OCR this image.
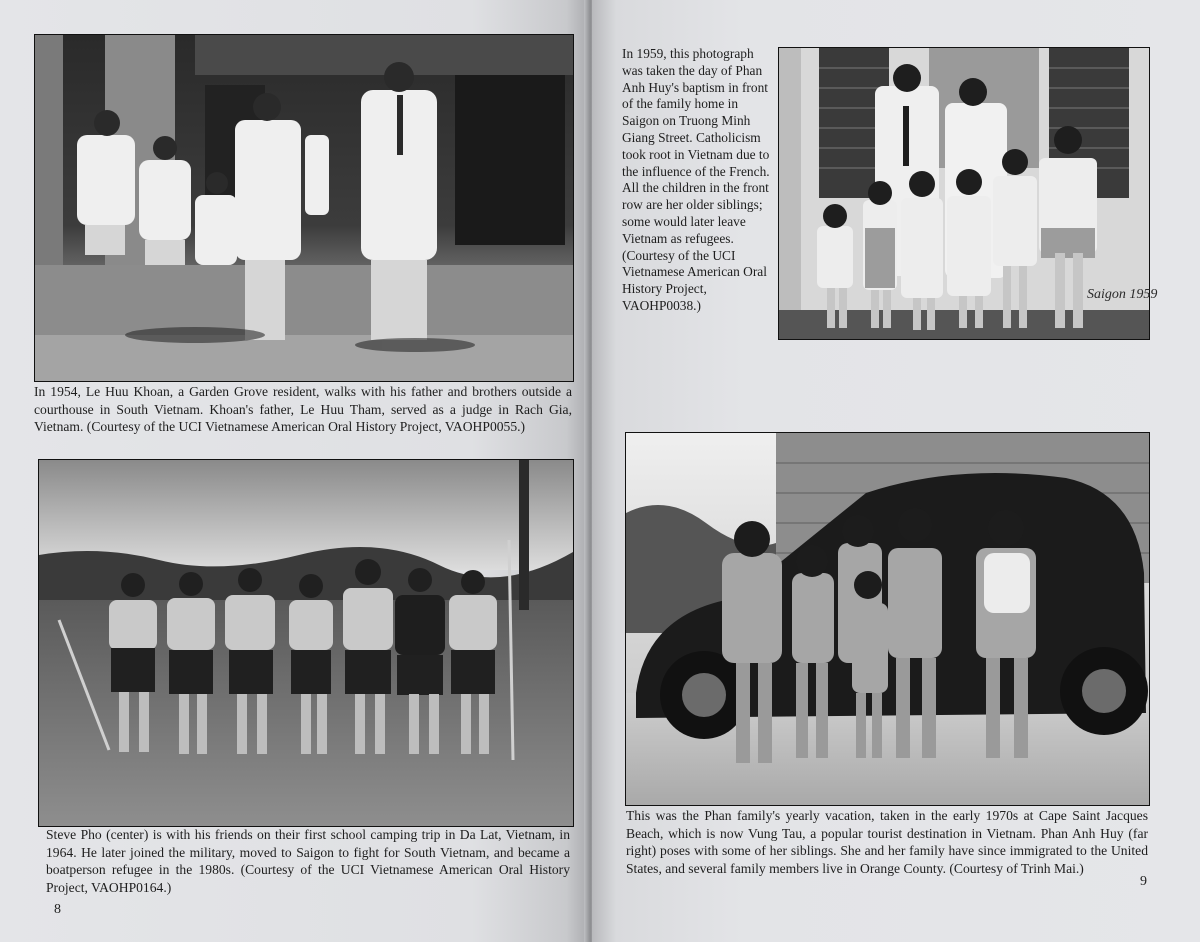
In 1954, Le Huu Khoan, a Garden Grove resident, walks with his father and brothers outside a courthouse in South Vietnam. Khoan's father, Le Huu Tham, served as a judge in Rach Gia, Vietnam. (Courtesy of the UCI Vietnamese American Oral History Project, VAOHP0055.)
Steve Pho (center) is with his friends on their first school camping trip in Da Lat, Vietnam, in 1964. He later joined the military, moved to Saigon to fight for South Vietnam, and became a boatperson refugee in the 1980s. (Courtesy of the UCI Vietnamese American Oral History Project, VAOHP0164.)
8
In 1959, this photograph was taken the day of Phan Anh Huy's baptism in front of the family home in Saigon on Truong Minh Giang Street. Catholicism took root in Vietnam due to the influence of the French. All the children in the front row are her older siblings; some would later leave Vietnam as refugees. (Courtesy of the UCI Vietnamese American Oral History Project, VAOHP0038.)
Saigon 1959
This was the Phan family's yearly vacation, taken in the early 1970s at Cape Saint Jacques Beach, which is now Vung Tau, a popular tourist destination in Vietnam. Phan Anh Huy (far right) poses with some of her siblings. She and her family have since immigrated to the United States, and several family members live in Orange County. (Courtesy of Trinh Mai.)
9
